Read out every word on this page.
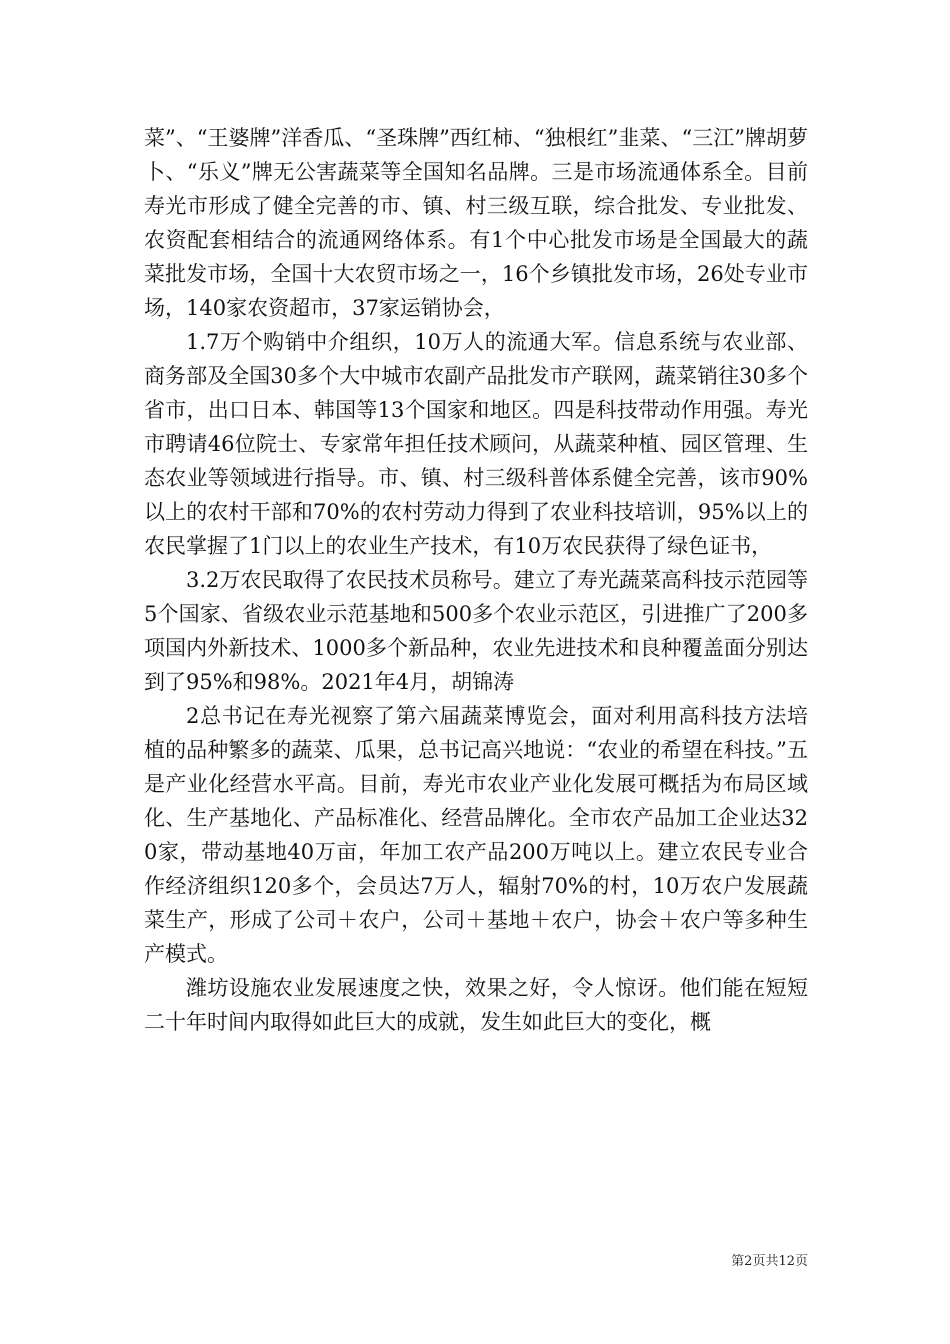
菜”、“王婆牌”洋香瓜、“圣珠牌”西红柿、“独根红”韭菜、“三江”牌胡萝卜、“乐义”牌无公害蔬菜等全国知名品牌。三是市场流通体系全。目前寿光市形成了健全完善的市、镇、村三级互联，综合批发、专业批发、农资配套相结合的流通网络体系。有1个中心批发市场是全国最大的蔬菜批发市场，全国十大农贸市场之一，16个乡镇批发市场，26处专业市场，140家农资超市，37家运销协会，

1.7万个购销中介组织，10万人的流通大军。信息系统与农业部、商务部及全国30多个大中城市农副产品批发市产联网，蔬菜销往30多个省市，出口日本、韩国等13个国家和地区。四是科技带动作用强。寿光市聘请46位院士、专家常年担任技术顾问，从蔬菜种植、园区管理、生态农业等领域进行指导。市、镇、村三级科普体系健全完善，该市90%以上的农村干部和70%的农村劳动力得到了农业科技培训，95%以上的农民掌握了1门以上的农业生产技术，有10万农民获得了绿色证书，

3.2万农民取得了农民技术员称号。建立了寿光蔬菜高科技示范园等5个国家、省级农业示范基地和500多个农业示范区，引进推广了200多项国内外新技术、1000多个新品种，农业先进技术和良种覆盖面分别达到了95%和98%。2021年4月，胡锦涛

2总书记在寿光视察了第六届蔬菜博览会，面对利用高科技方法培植的品种繁多的蔬菜、瓜果，总书记高兴地说：“农业的希望在科技。”五是产业化经营水平高。目前，寿光市农业产业化发展可概括为布局区域化、生产基地化、产品标准化、经营品牌化。全市农产品加工企业达320家，带动基地40万亩，年加工农产品200万吨以上。建立农民专业合作经济组织120多个，会员达7万人，辐射70%的村，10万农户发展蔬菜生产，形成了公司＋农户，公司＋基地＋农户，协会＋农户等多种生产模式。

潍坊设施农业发展速度之快，效果之好，令人惊讶。他们能在短短二十年时间内取得如此巨大的成就，发生如此巨大的变化，概

第2页共12页
